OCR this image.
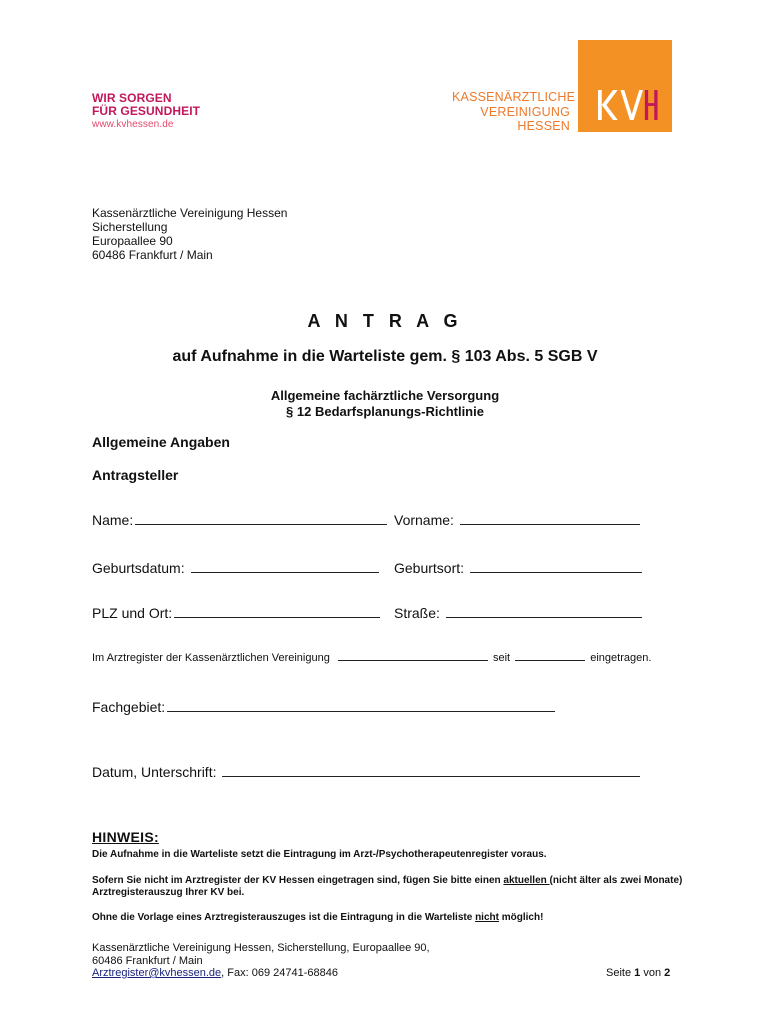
WIR SORGEN
FÜR GESUNDHEIT
www.kvhessen.de
KASSENÄRZTLICHE
VEREINIGUNG
HESSEN
Kassenärztliche Vereinigung Hessen
Sicherstellung
Europaallee 90
60486 Frankfurt / Main
A N T R A G
auf Aufnahme in die Warteliste gem. § 103 Abs. 5 SGB V
Allgemeine fachärztliche Versorgung
§ 12 Bedarfsplanungs-Richtlinie
Allgemeine Angaben
Antragsteller
Name:	Vorname:
Geburtsdatum:	Geburtsort:
PLZ und Ort:	Straße:
Im Arztregister der Kassenärztlichen Vereinigung	seit	eingetragen.
Fachgebiet:
Datum, Unterschrift:
HINWEIS:
Die Aufnahme in die Warteliste setzt die Eintragung im Arzt-/Psychotherapeutenregister voraus.
Sofern Sie nicht im Arztregister der KV Hessen eingetragen sind, fügen Sie bitte einen aktuellen (nicht älter als zwei Monate) Arztregisterauszug Ihrer KV bei.
Ohne die Vorlage eines Arztregisterauszuges ist die Eintragung in die Warteliste nicht möglich!
Kassenärztliche Vereinigung Hessen, Sicherstellung, Europaallee 90,
60486 Frankfurt / Main
Arztregister@kvhessen.de, Fax: 069 24741-68846	Seite 1 von 2
